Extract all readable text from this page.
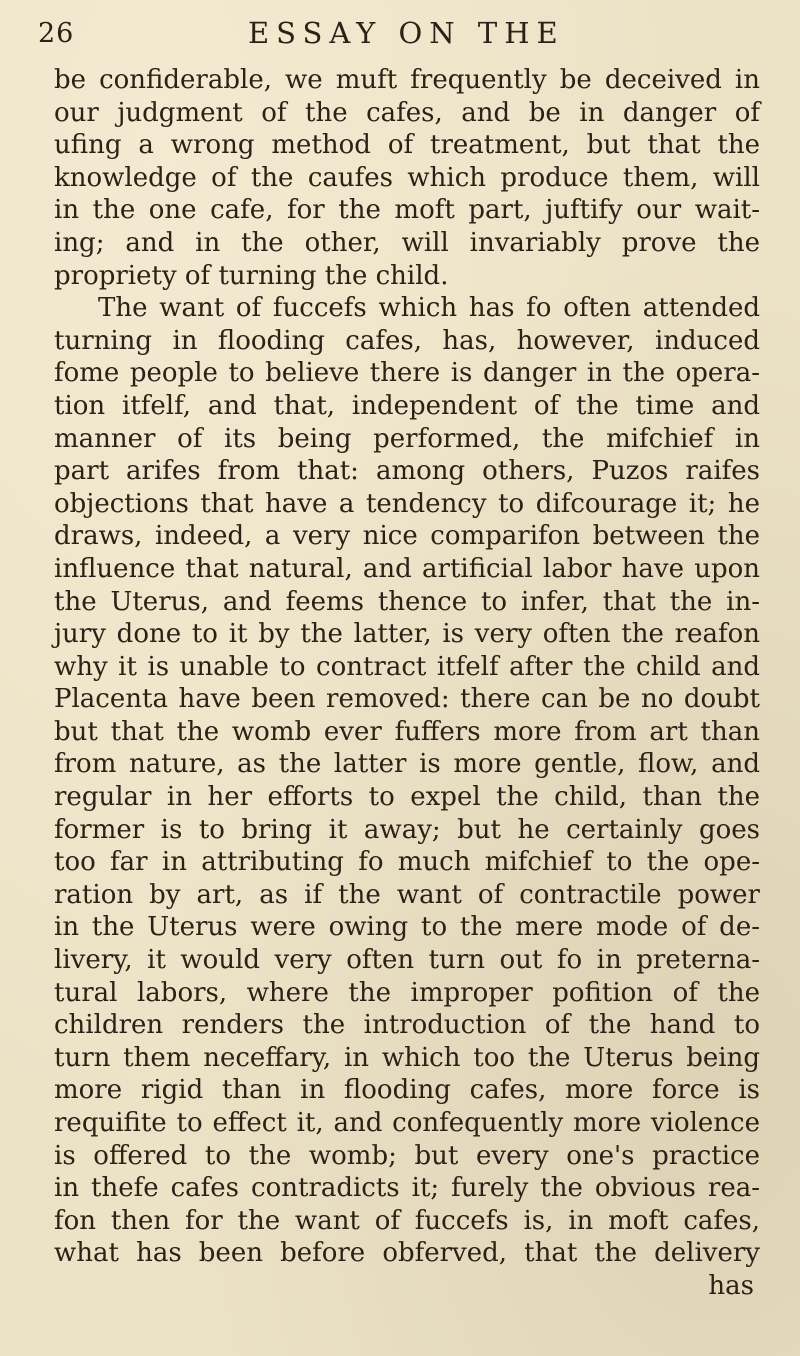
26	ESSAY ON THE
be confiderable, we muft frequently be deceived in
our judgment of the cafes, and be in danger of
ufing a wrong method of treatment, but that the
knowledge of the caufes which produce them, will
in the one cafe, for the moft part, juftify our wait-
ing; and in the other, will invariably prove the
propriety of turning the child.
The want of fuccefs which has fo often attended
turning in flooding cafes, has, however, induced
fome people to believe there is danger in the opera-
tion itfelf, and that, independent of the time and
manner of its being performed, the mifchief in
part arifes from that: among others, Puzos raifes
objections that have a tendency to difcourage it; he
draws, indeed, a very nice comparifon between the
influence that natural, and artificial labor have upon
the Uterus, and feems thence to infer, that the in-
jury done to it by the latter, is very often the reafon
why it is unable to contract itfelf after the child and
Placenta have been removed: there can be no doubt
but that the womb ever fuffers more from art than
from nature, as the latter is more gentle, flow, and
regular in her efforts to expel the child, than the
former is to bring it away; but he certainly goes
too far in attributing fo much mifchief to the ope-
ration by art, as if the want of contractile power
in the Uterus were owing to the mere mode of de-
livery, it would very often turn out fo in preterna-
tural labors, where the improper pofition of the
children renders the introduction of the hand to
turn them neceffary, in which too the Uterus being
more rigid than in flooding cafes, more force is
requifite to effect it, and confequently more violence
is offered to the womb; but every one's practice
in thefe cafes contradicts it; furely the obvious rea-
fon then for the want of fuccefs is, in moft cafes,
what has been before obferved, that the delivery
has
